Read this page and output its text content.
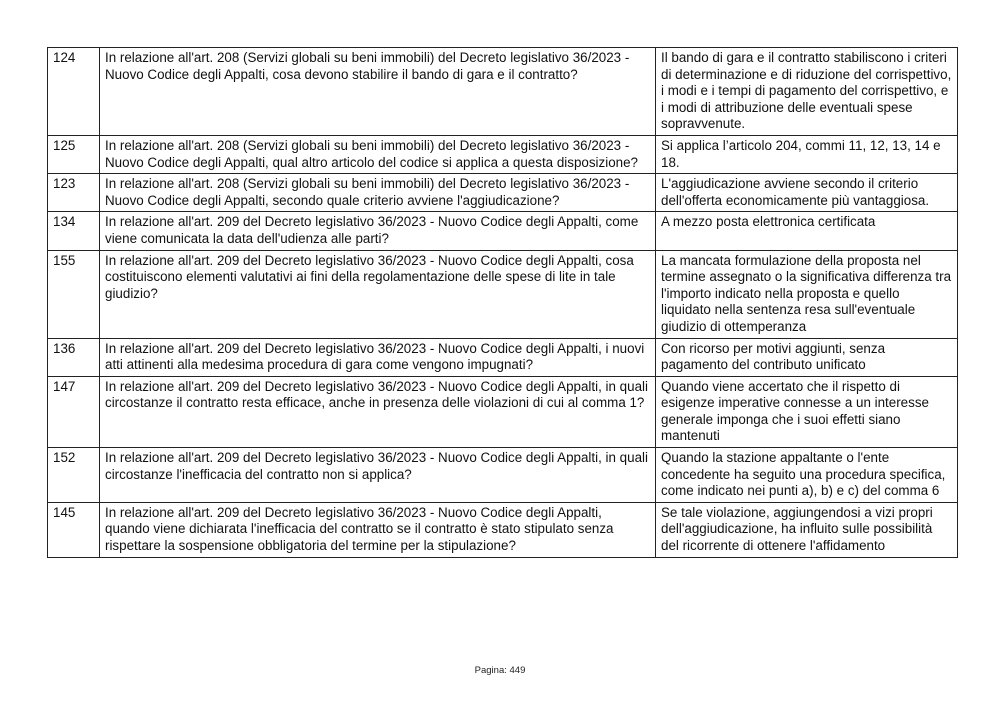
124	In relazione all'art. 208 (Servizi globali su beni immobili) del Decreto legislativo 36/2023 - Nuovo Codice degli Appalti, cosa devono stabilire il bando di gara e il contratto?	Il bando di gara e il contratto stabiliscono i criteri di determinazione e di riduzione del corrispettivo, i modi e i tempi di pagamento del corrispettivo, e i modi di attribuzione delle eventuali spese sopravvenute.
125	In relazione all'art. 208 (Servizi globali su beni immobili) del Decreto legislativo 36/2023 - Nuovo Codice degli Appalti, qual altro articolo del codice si applica a questa disposizione?	Si applica l’articolo 204, commi 11, 12, 13, 14 e 18.
123	In relazione all'art. 208 (Servizi globali su beni immobili) del Decreto legislativo 36/2023 - Nuovo Codice degli Appalti, secondo quale criterio avviene l'aggiudicazione?	L'aggiudicazione avviene secondo il criterio dell'offerta economicamente più vantaggiosa.
134	In relazione all'art. 209 del Decreto legislativo 36/2023 - Nuovo Codice degli Appalti, come viene comunicata la data dell'udienza alle parti?	A mezzo posta elettronica certificata
155	In relazione all'art. 209 del Decreto legislativo 36/2023 - Nuovo Codice degli Appalti, cosa costituiscono elementi valutativi ai fini della regolamentazione delle spese di lite in tale giudizio?	La mancata formulazione della proposta nel termine assegnato o la significativa differenza tra l'importo indicato nella proposta e quello liquidato nella sentenza resa sull'eventuale giudizio di ottemperanza
136	In relazione all'art. 209 del Decreto legislativo 36/2023 - Nuovo Codice degli Appalti, i nuovi atti attinenti alla medesima procedura di gara come vengono impugnati?	Con ricorso per motivi aggiunti, senza pagamento del contributo unificato
147	In relazione all'art. 209 del Decreto legislativo 36/2023 - Nuovo Codice degli Appalti, in quali circostanze il contratto resta efficace, anche in presenza delle violazioni di cui al comma 1?	Quando viene accertato che il rispetto di esigenze imperative connesse a un interesse generale imponga che i suoi effetti siano mantenuti
152	In relazione all'art. 209 del Decreto legislativo 36/2023 - Nuovo Codice degli Appalti, in quali circostanze l'inefficacia del contratto non si applica?	Quando la stazione appaltante o l'ente concedente ha seguito una procedura specifica, come indicato nei punti a), b) e c) del comma 6
145	In relazione all'art. 209 del Decreto legislativo 36/2023 - Nuovo Codice degli Appalti, quando viene dichiarata l'inefficacia del contratto se il contratto è stato stipulato senza rispettare la sospensione obbligatoria del termine per la stipulazione?	Se tale violazione, aggiungendosi a vizi propri dell'aggiudicazione, ha influito sulle possibilità del ricorrente di ottenere l'affidamento
Pagina: 449
